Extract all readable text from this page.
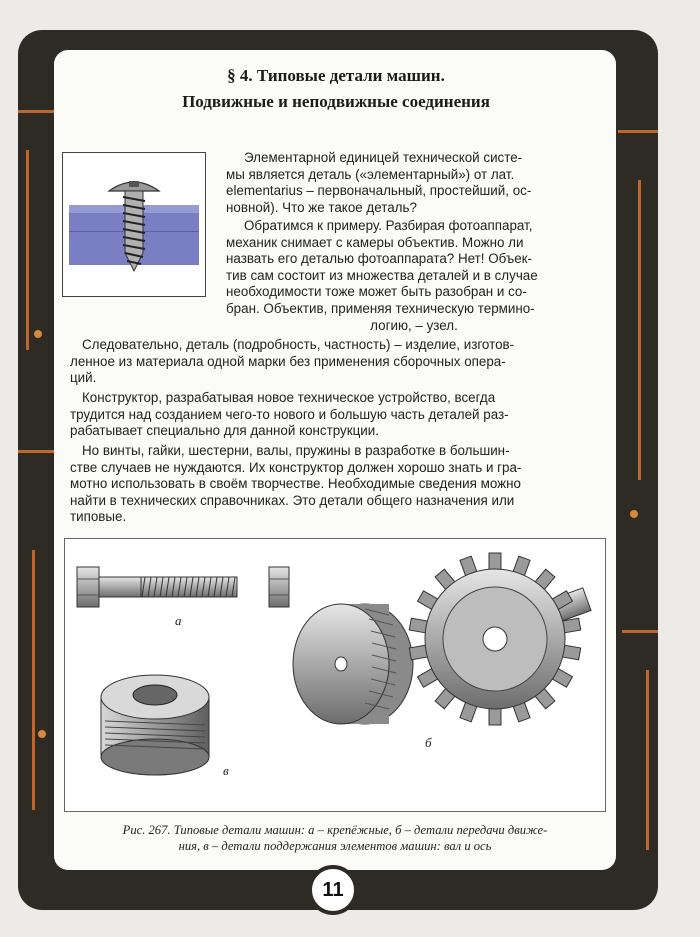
§ 4. Типовые детали машин.
Подвижные и неподвижные соединения
Элементарной единицей технической систе-
мы является деталь («элементарный») от лат.
elementarius – первоначальный, простейший, ос-
новной). Что же такое деталь?
Обратимся к примеру. Разбирая фотоаппарат,
механик снимает с камеры объектив. Можно ли
назвать его деталью фотоаппарата? Нет! Объек-
тив сам состоит из множества деталей и в случае
необходимости тоже может быть разобран и со-
бран. Объектив, применяя техническую термино-
логию, – узел.
Следовательно, деталь (подробность, частность) – изделие, изготов-
ленное из материала одной марки без применения сборочных опера-
ций.
Конструктор, разрабатывая новое техническое устройство, всегда
трудится над созданием чего-то нового и большую часть деталей раз-
рабатывает специально для данной конструкции.
Но винты, гайки, шестерни, валы, пружины в разработке в большин-
стве случаев не нуждаются. Их конструктор должен хорошо знать и гра-
мотно использовать в своём творчестве. Необходимые сведения можно
найти в технических справочниках. Это детали общего назначения или
типовые.
а
б
в
Рис. 267. Типовые детали машин: а – крепёжные, б – детали передачи движе-
ния, в – детали поддержания элементов машин: вал и ось
11
